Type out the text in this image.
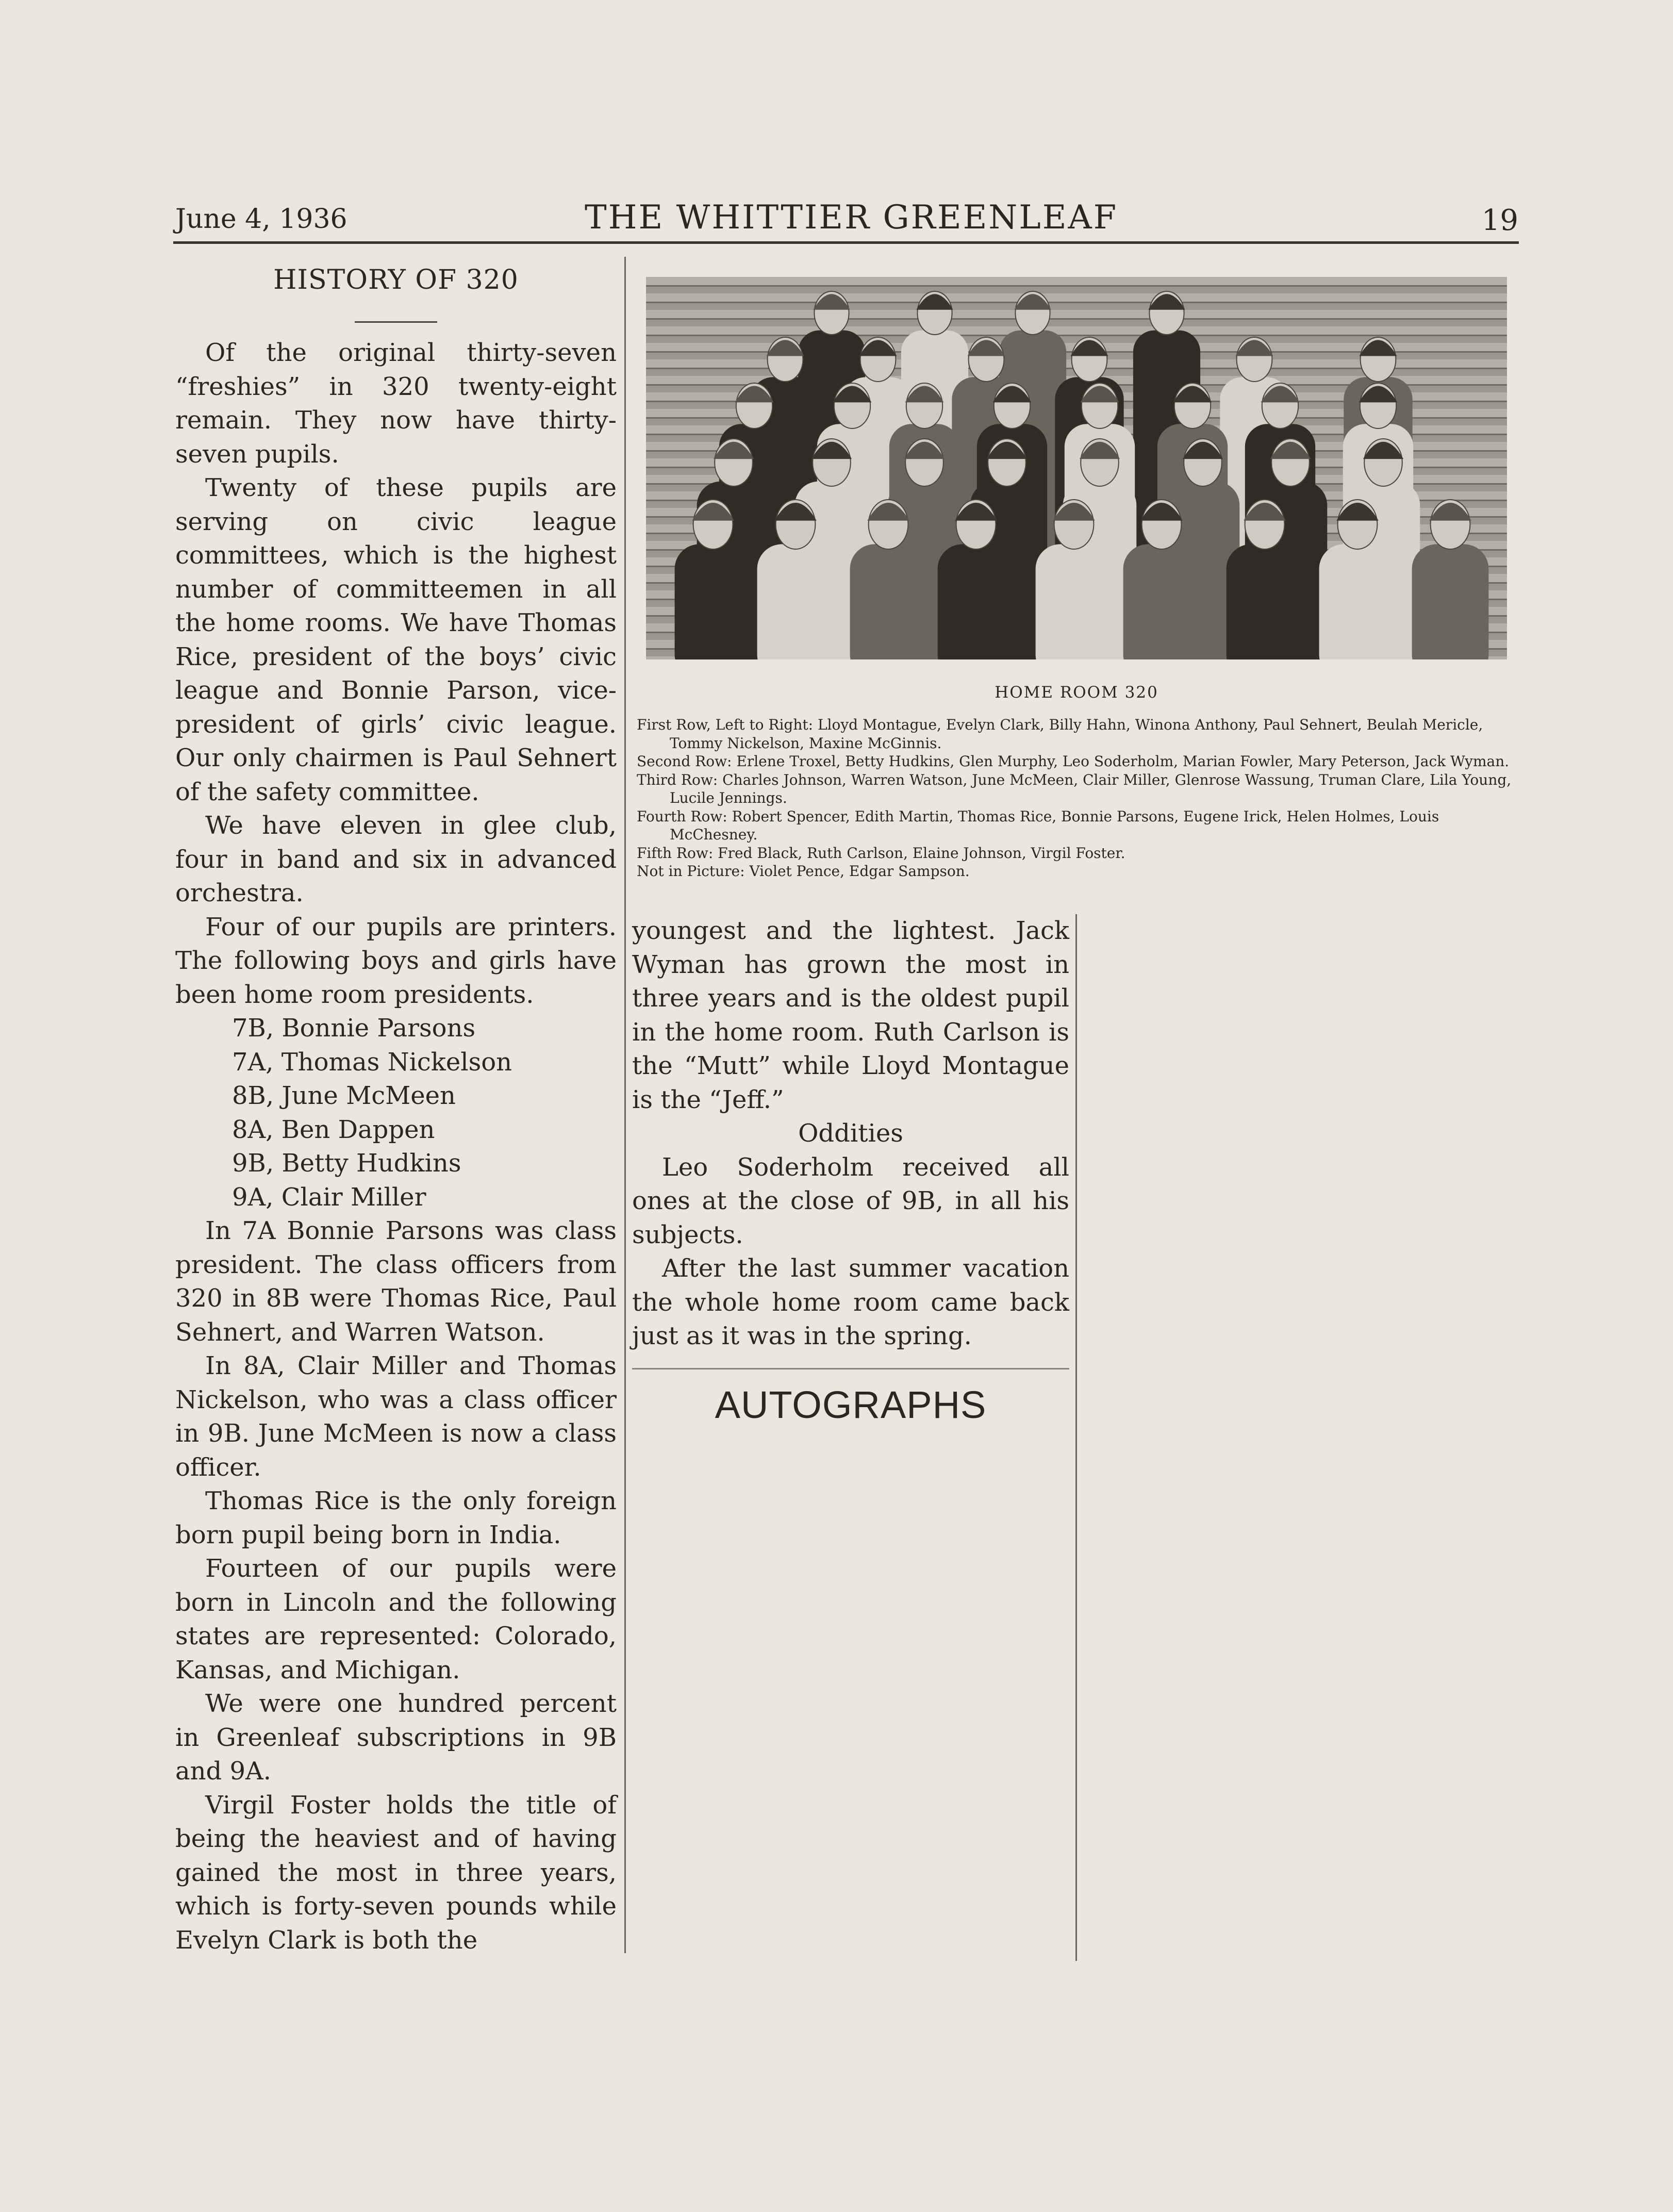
June 4, 1936	THE WHITTIER GREENLEAF	19
HISTORY OF 320

Of the original thirty-seven “freshies” in 320 twenty-eight remain. They now have thirty-seven pupils.

Twenty of these pupils are serving on civic league committees, which is the highest number of committeemen in all the home rooms. We have Thomas Rice, president of the boys’ civic league and Bonnie Parson, vice-president of girls’ civic league. Our only chairmen is Paul Sehnert of the safety committee.

We have eleven in glee club, four in band and six in advanced orchestra.

Four of our pupils are printers. The following boys and girls have been home room presidents.

7B, Bonnie Parsons
7A, Thomas Nickelson
8B, June McMeen
8A, Ben Dappen
9B, Betty Hudkins
9A, Clair Miller

In 7A Bonnie Parsons was class president. The class officers from 320 in 8B were Thomas Rice, Paul Sehnert, and Warren Watson.

In 8A, Clair Miller and Thomas Nickelson, who was a class officer in 9B. June McMeen is now a class officer.

Thomas Rice is the only foreign born pupil being born in India.

Fourteen of our pupils were born in Lincoln and the following states are represented: Colorado, Kansas, and Michigan.

We were one hundred percent in Greenleaf subscriptions in 9B and 9A.

Virgil Foster holds the title of being the heaviest and of having gained the most in three years, which is forty-seven pounds while Evelyn Clark is both the

HOME ROOM 320
First Row, Left to Right: Lloyd Montague, Evelyn Clark, Billy Hahn, Winona Anthony, Paul Sehnert, Beulah Mericle, Tommy Nickelson, Maxine McGinnis.
Second Row: Erlene Troxel, Betty Hudkins, Glen Murphy, Leo Soderholm, Marian Fowler, Mary Peterson, Jack Wyman.
Third Row: Charles Johnson, Warren Watson, June McMeen, Clair Miller, Glenrose Wassung, Truman Clare, Lila Young, Lucile Jennings.
Fourth Row: Robert Spencer, Edith Martin, Thomas Rice, Bonnie Parsons, Eugene Irick, Helen Holmes, Louis McChesney.
Fifth Row: Fred Black, Ruth Carlson, Elaine Johnson, Virgil Foster.
Not in Picture: Violet Pence, Edgar Sampson.

youngest and the lightest. Jack Wyman has grown the most in three years and is the oldest pupil in the home room. Ruth Carlson is the “Mutt” while Lloyd Montague is the “Jeff.”

Oddities

Leo Soderholm received all ones at the close of 9B, in all his subjects.

After the last summer vacation the whole home room came back just as it was in the spring.

AUTOGRAPHS
